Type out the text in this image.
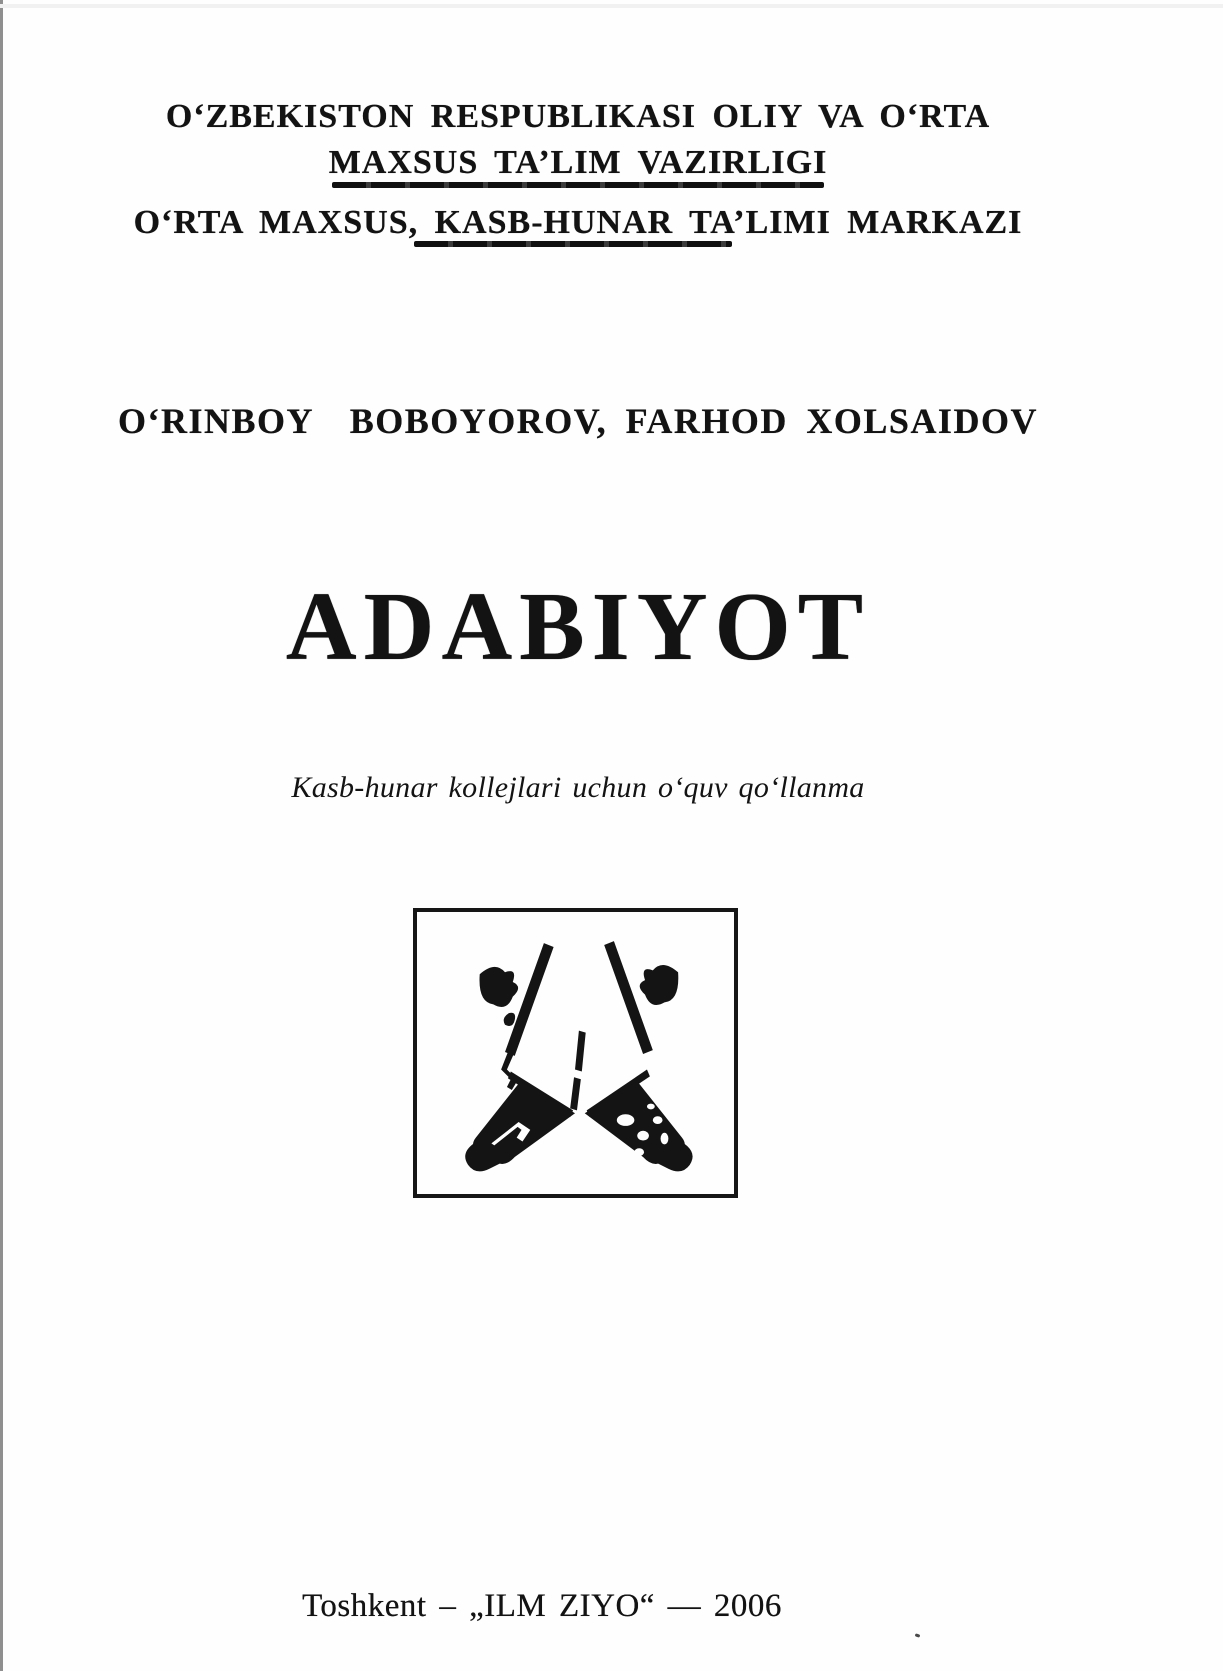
O‘ZBEKISTON RESPUBLIKASI OLIY VA O‘RTA
MAXSUS TA’LIM VAZIRLIGI
O‘RTA MAXSUS, KASB-HUNAR TA’LIMI MARKAZI
O‘RINBOY  BOBOYOROV, FARHOD XOLSAIDOV
ADABIYOT
Kasb-hunar kollejlari uchun o‘quv qo‘llanma
Toshkent – „ILM ZIYO“ — 2006
